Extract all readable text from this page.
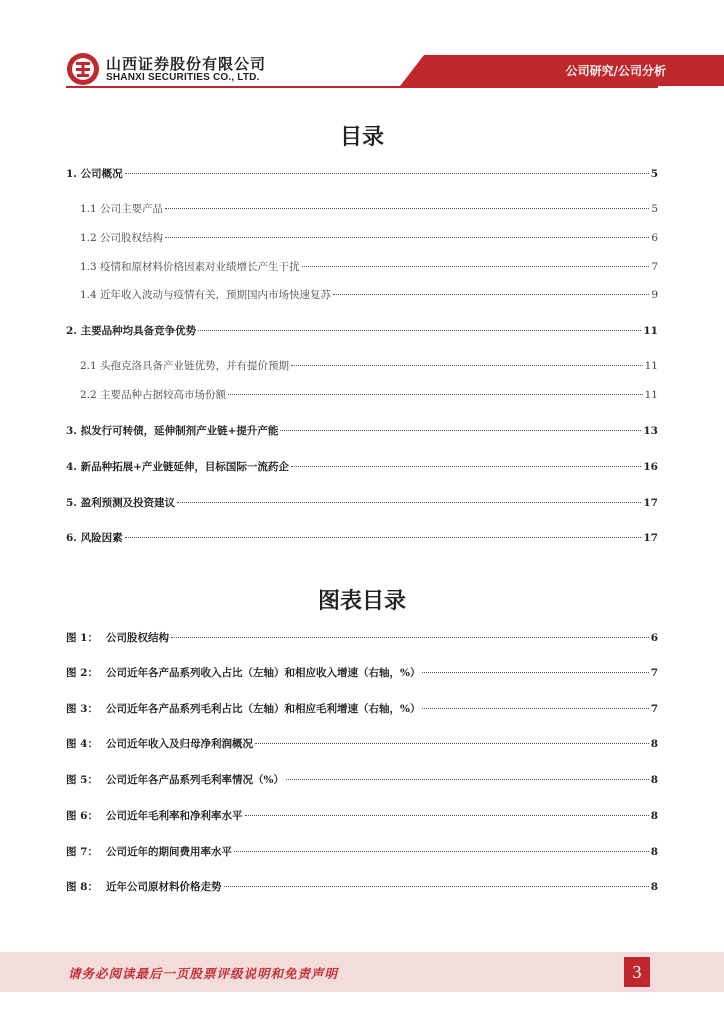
山西证券股份有限公司
SHANXI SECURITIES CO., LTD.	公司研究/公司分析
目录
1. 公司概况	5
1.1 公司主要产品	5
1.2 公司股权结构	6
1.3 疫情和原材料价格因素对业绩增长产生干扰	7
1.4 近年收入波动与疫情有关，预期国内市场快速复苏	9
2. 主要品种均具备竞争优势	11
2.1 头孢克洛具备产业链优势，并有提价预期	11
2.2 主要品种占据较高市场份额	11
3. 拟发行可转债，延伸制剂产业链+提升产能	13
4. 新品种拓展+产业链延伸，目标国际一流药企	16
5. 盈利预测及投资建议	17
6. 风险因素	17
图表目录
图 1： 公司股权结构	6
图 2： 公司近年各产品系列收入占比（左轴）和相应收入增速（右轴，%）	7
图 3： 公司近年各产品系列毛利占比（左轴）和相应毛利增速（右轴，%）	7
图 4： 公司近年收入及归母净利润概况	8
图 5： 公司近年各产品系列毛利率情况（%）	8
图 6： 公司近年毛利率和净利率水平	8
图 7： 公司近年的期间费用率水平	8
图 8： 近年公司原材料价格走势	8
请务必阅读最后一页股票评级说明和免责声明	3
